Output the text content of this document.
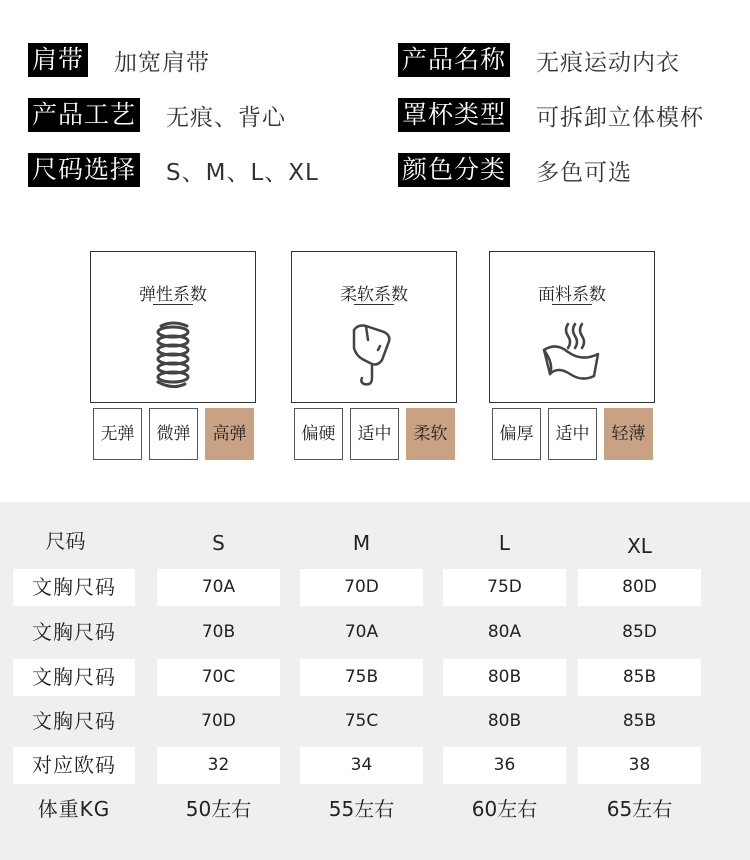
肩带 加宽肩带	产品名称 无痕运动内衣
产品工艺 无痕、背心	罩杯类型 可拆卸立体模杯
尺码选择 S、M、L、XL	颜色分类 多色可选
弹性系数
无弹	微弹	高弹
柔软系数
偏硬	适中	柔软
面料系数
偏厚	适中	轻薄
尺码	S	M	L	XL
文胸尺码	70A	70D	75D	80D
文胸尺码	70B	70A	80A	85D
文胸尺码	70C	75B	80B	85B
文胸尺码	70D	75C	80B	85B
对应欧码	32	34	36	38
体重KG	50左右	55左右	60左右	65左右
